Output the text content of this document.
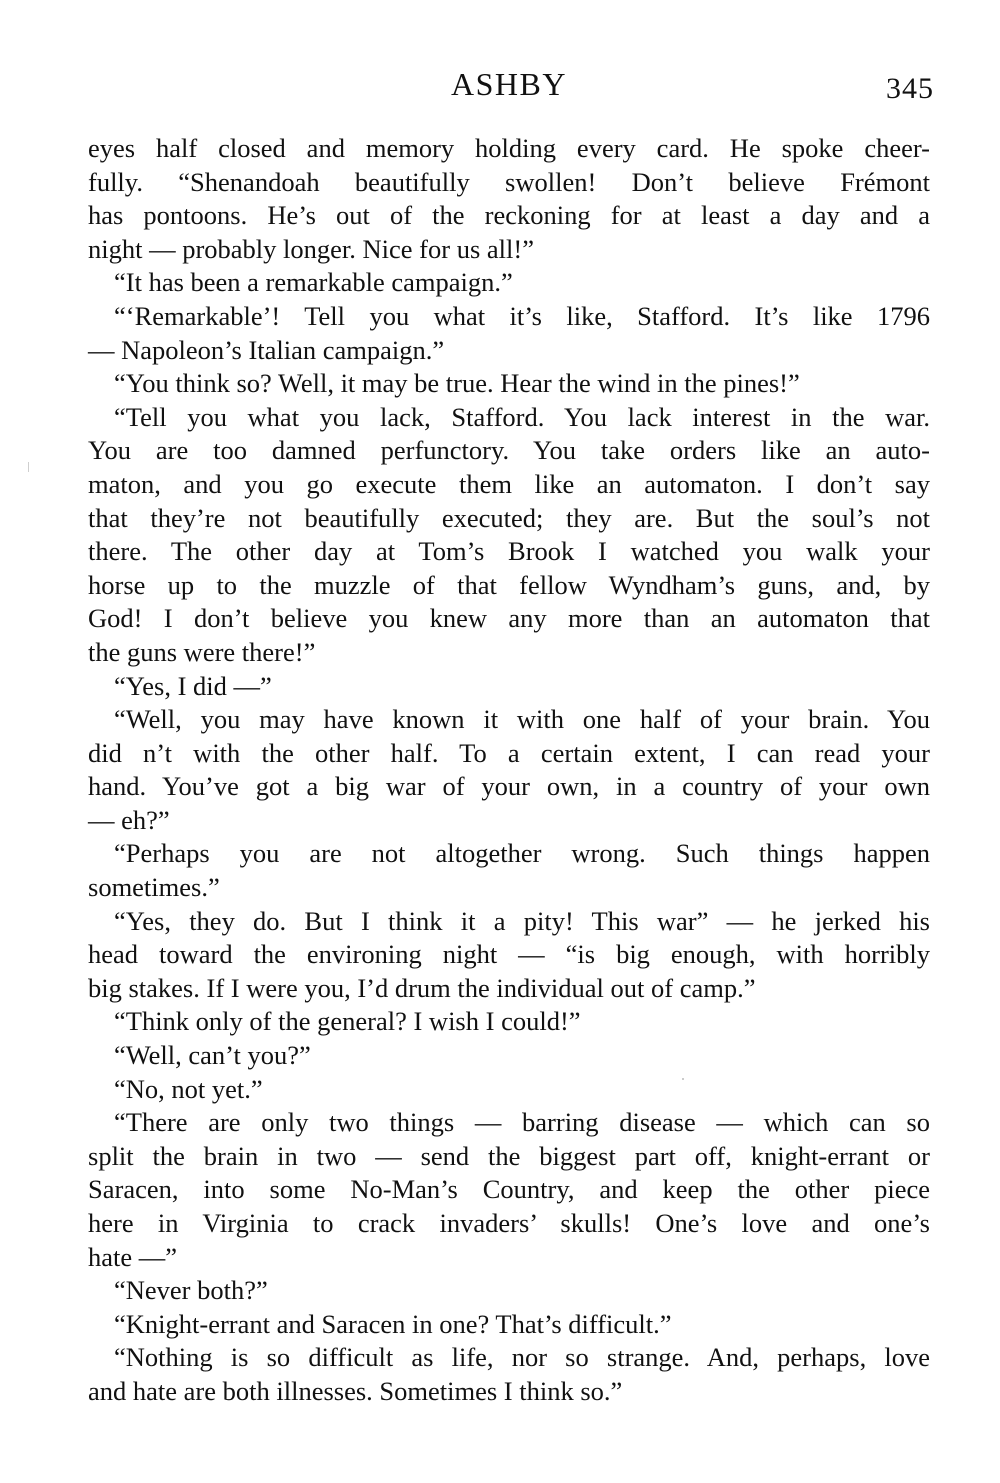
ASHBY	345
eyes half closed and memory holding every card. He spoke cheer-
fully. “Shenandoah beautifully swollen! Don’t believe Frémont
has pontoons. He’s out of the reckoning for at least a day and a
night — probably longer. Nice for us all!”
“It has been a remarkable campaign.”
“‘Remarkable’! Tell you what it’s like, Stafford. It’s like 1796
— Napoleon’s Italian campaign.”
“You think so? Well, it may be true. Hear the wind in the pines!”
“Tell you what you lack, Stafford. You lack interest in the war.
You are too damned perfunctory. You take orders like an auto-
maton, and you go execute them like an automaton. I don’t say
that they’re not beautifully executed; they are. But the soul’s not
there. The other day at Tom’s Brook I watched you walk your
horse up to the muzzle of that fellow Wyndham’s guns, and, by
God! I don’t believe you knew any more than an automaton that
the guns were there!”
“Yes, I did —”
“Well, you may have known it with one half of your brain. You
did n’t with the other half. To a certain extent, I can read your
hand. You’ve got a big war of your own, in a country of your own
— eh?”
“Perhaps you are not altogether wrong. Such things happen
sometimes.”
“Yes, they do. But I think it a pity! This war” — he jerked his
head toward the environing night — “is big enough, with horribly
big stakes. If I were you, I’d drum the individual out of camp.”
“Think only of the general? I wish I could!”
“Well, can’t you?”
“No, not yet.”
“There are only two things — barring disease — which can so
split the brain in two — send the biggest part off, knight-errant or
Saracen, into some No-Man’s Country, and keep the other piece
here in Virginia to crack invaders’ skulls! One’s love and one’s
hate —”
“Never both?”
“Knight-errant and Saracen in one? That’s difficult.”
“Nothing is so difficult as life, nor so strange. And, perhaps, love
and hate are both illnesses. Sometimes I think so.”
